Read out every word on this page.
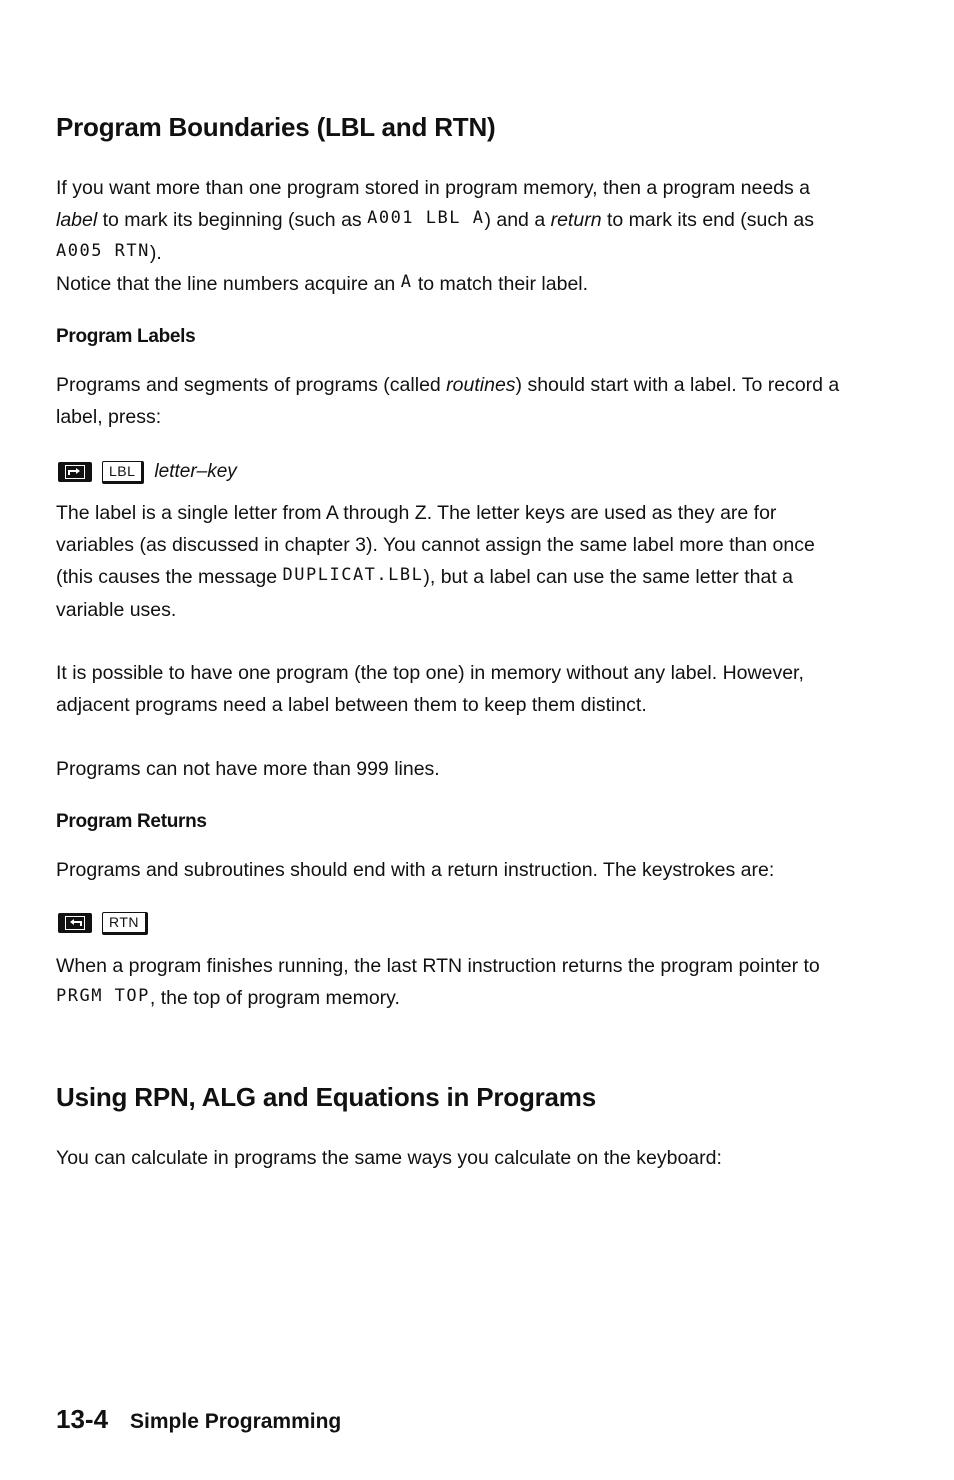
Program Boundaries (LBL and RTN)

If you want more than one program stored in program memory, then a program needs a label to mark its beginning (such as A001 LBL A) and a return to mark its end (such as A005 RTN).

Notice that the line numbers acquire an A to match their label.

Program Labels

Programs and segments of programs (called routines) should start with a label. To record a label, press:

LBL	letter–key

The label is a single letter from A through Z. The letter keys are used as they are for variables (as discussed in chapter 3). You cannot assign the same label more than once (this causes the message DUPLICAT.LBL), but a label can use the same letter that a variable uses.

It is possible to have one program (the top one) in memory without any label. However, adjacent programs need a label between them to keep them distinct.

Programs can not have more than 999 lines.

Program Returns

Programs and subroutines should end with a return instruction. The keystrokes are:

RTN

When a program finishes running, the last RTN instruction returns the program pointer to PRGM TOP, the top of program memory.

Using RPN, ALG and Equations in Programs

You can calculate in programs the same ways you calculate on the keyboard:

13-4 Simple Programming
